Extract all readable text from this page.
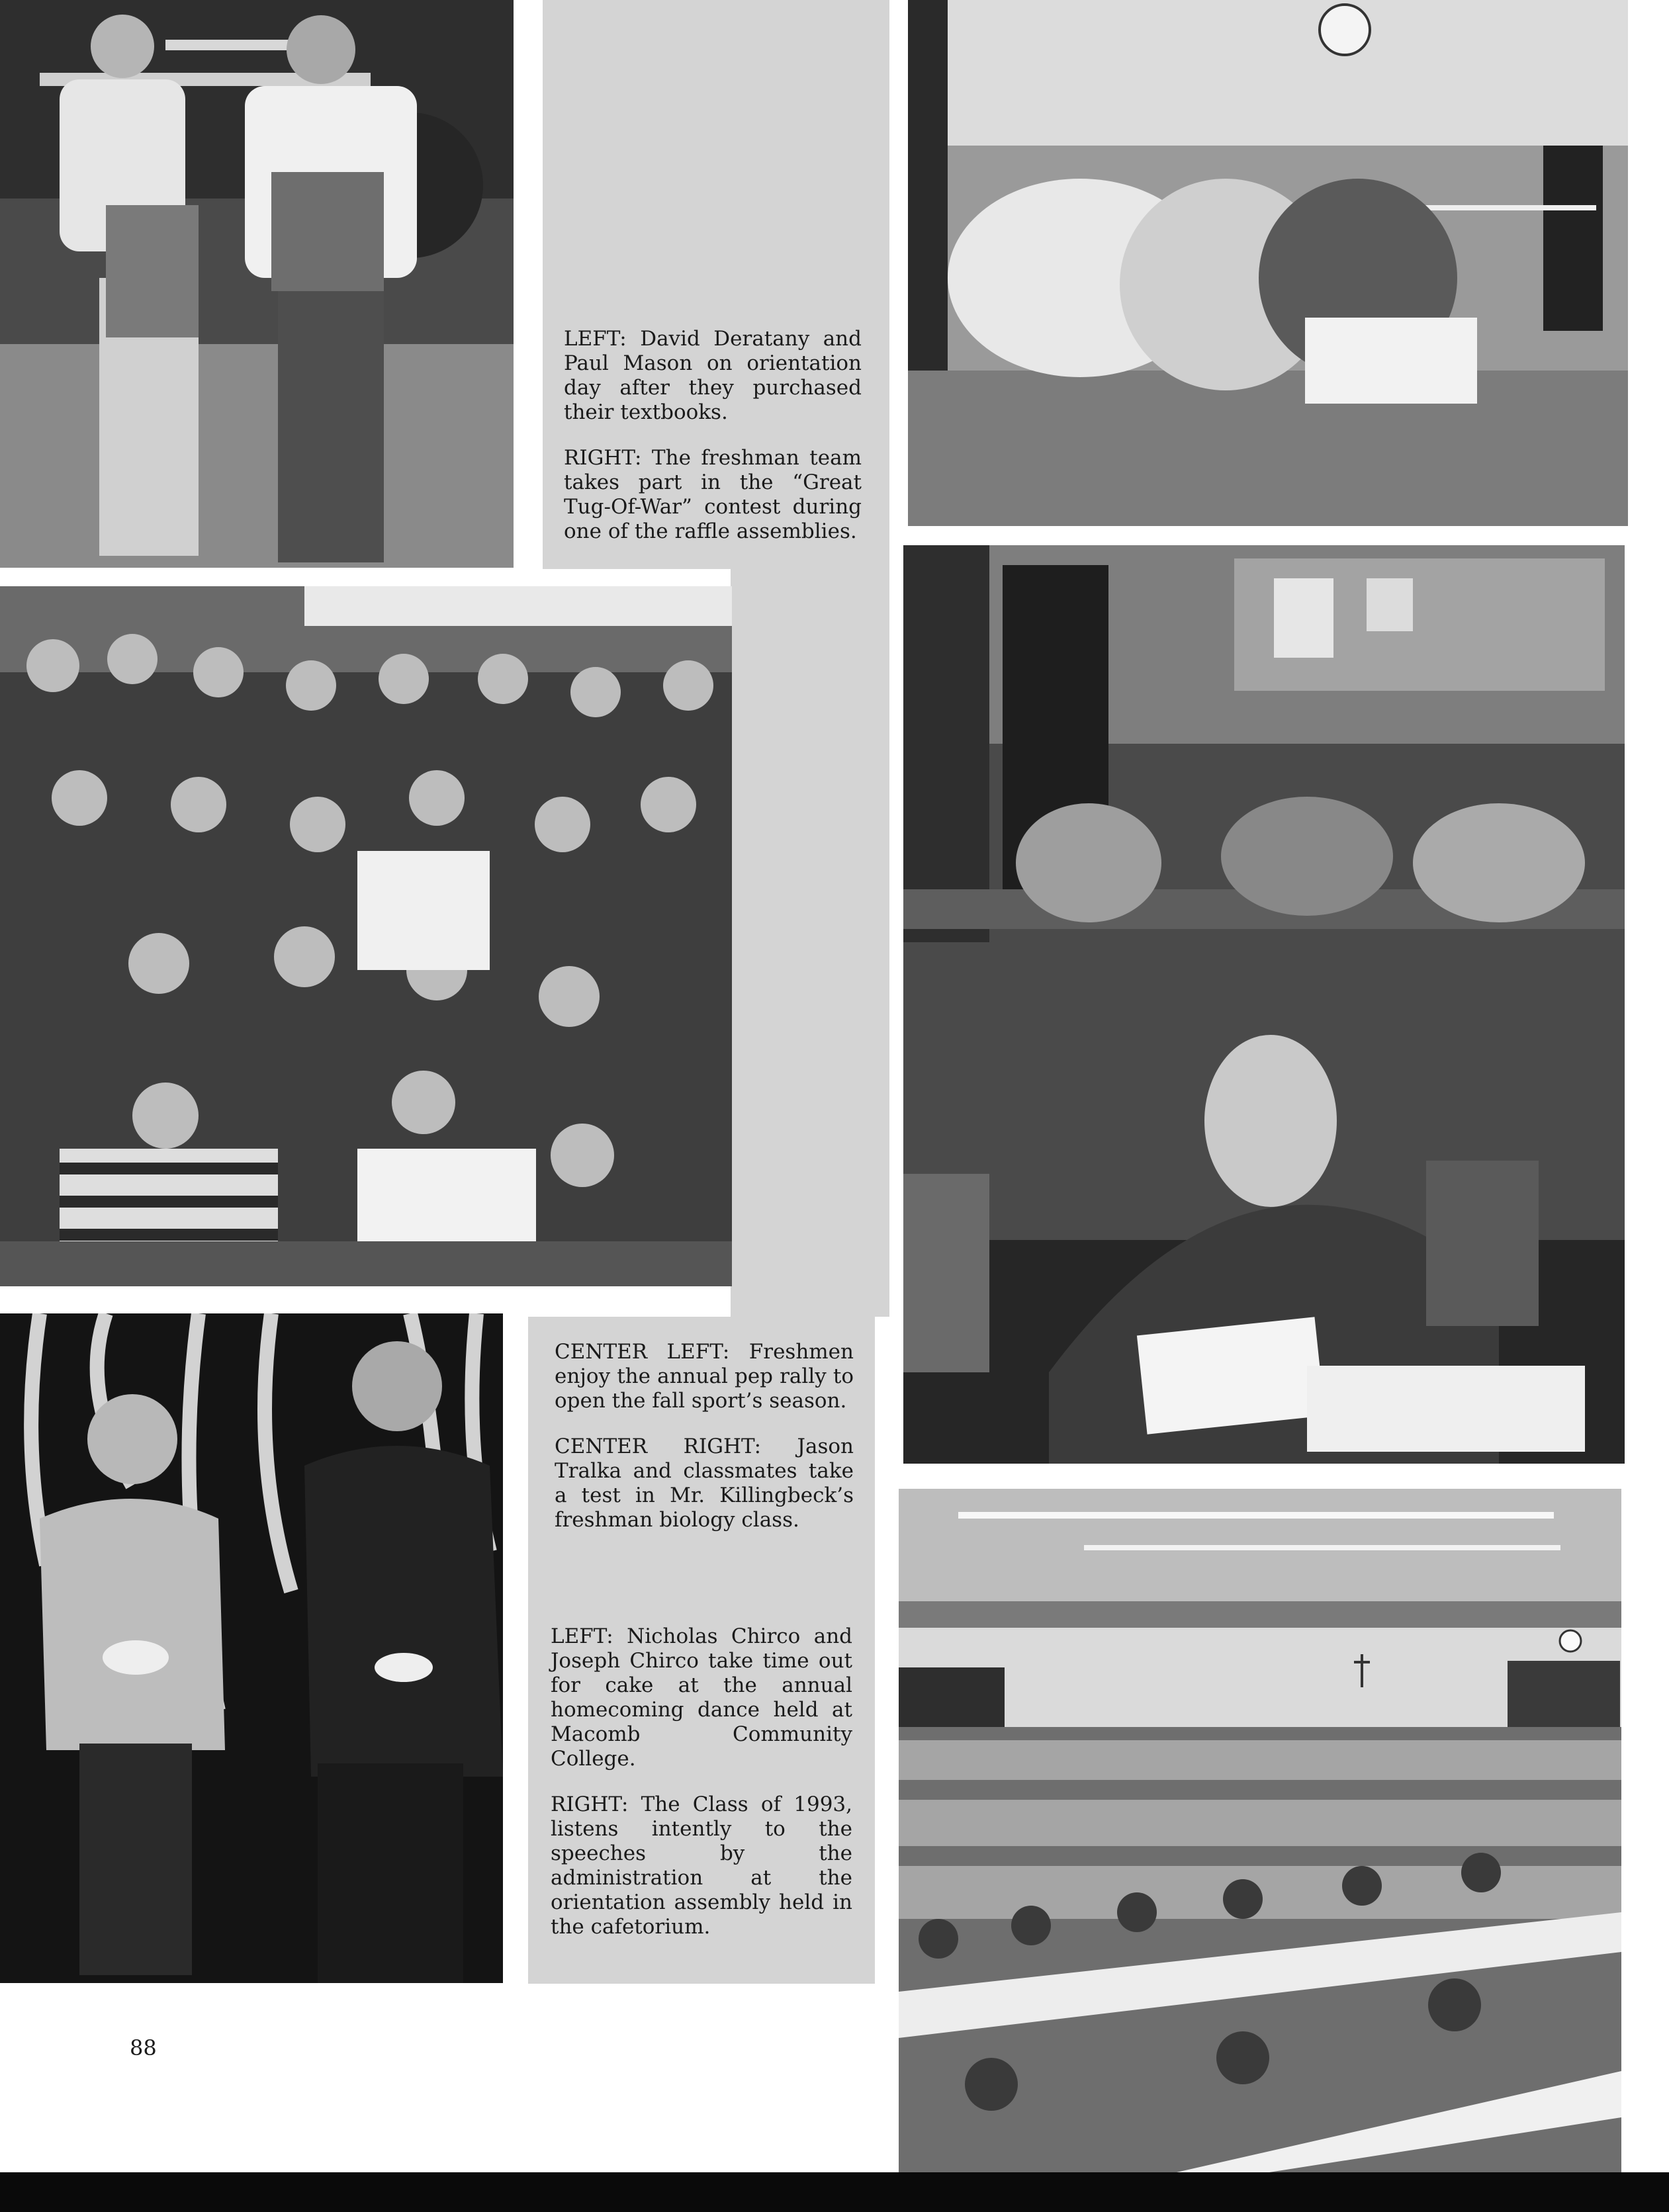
LEFT: David Deratany and Paul Mason on orientation day after they purchased their textbooks.

RIGHT: The freshman team takes part in the “Great Tug-Of-War” contest during one of the raffle assemblies.

CENTER LEFT: Freshmen enjoy the annual pep rally to open the fall sport’s season.

CENTER RIGHT: Jason Tralka and classmates take a test in Mr. Killingbeck’s freshman biology class.

LEFT: Nicholas Chirco and Joseph Chirco take time out for cake at the annual homecoming dance held at Macomb Community College.

RIGHT: The Class of 1993, listens intently to the speeches by the administration at the orientation assembly held in the cafetorium.

88
